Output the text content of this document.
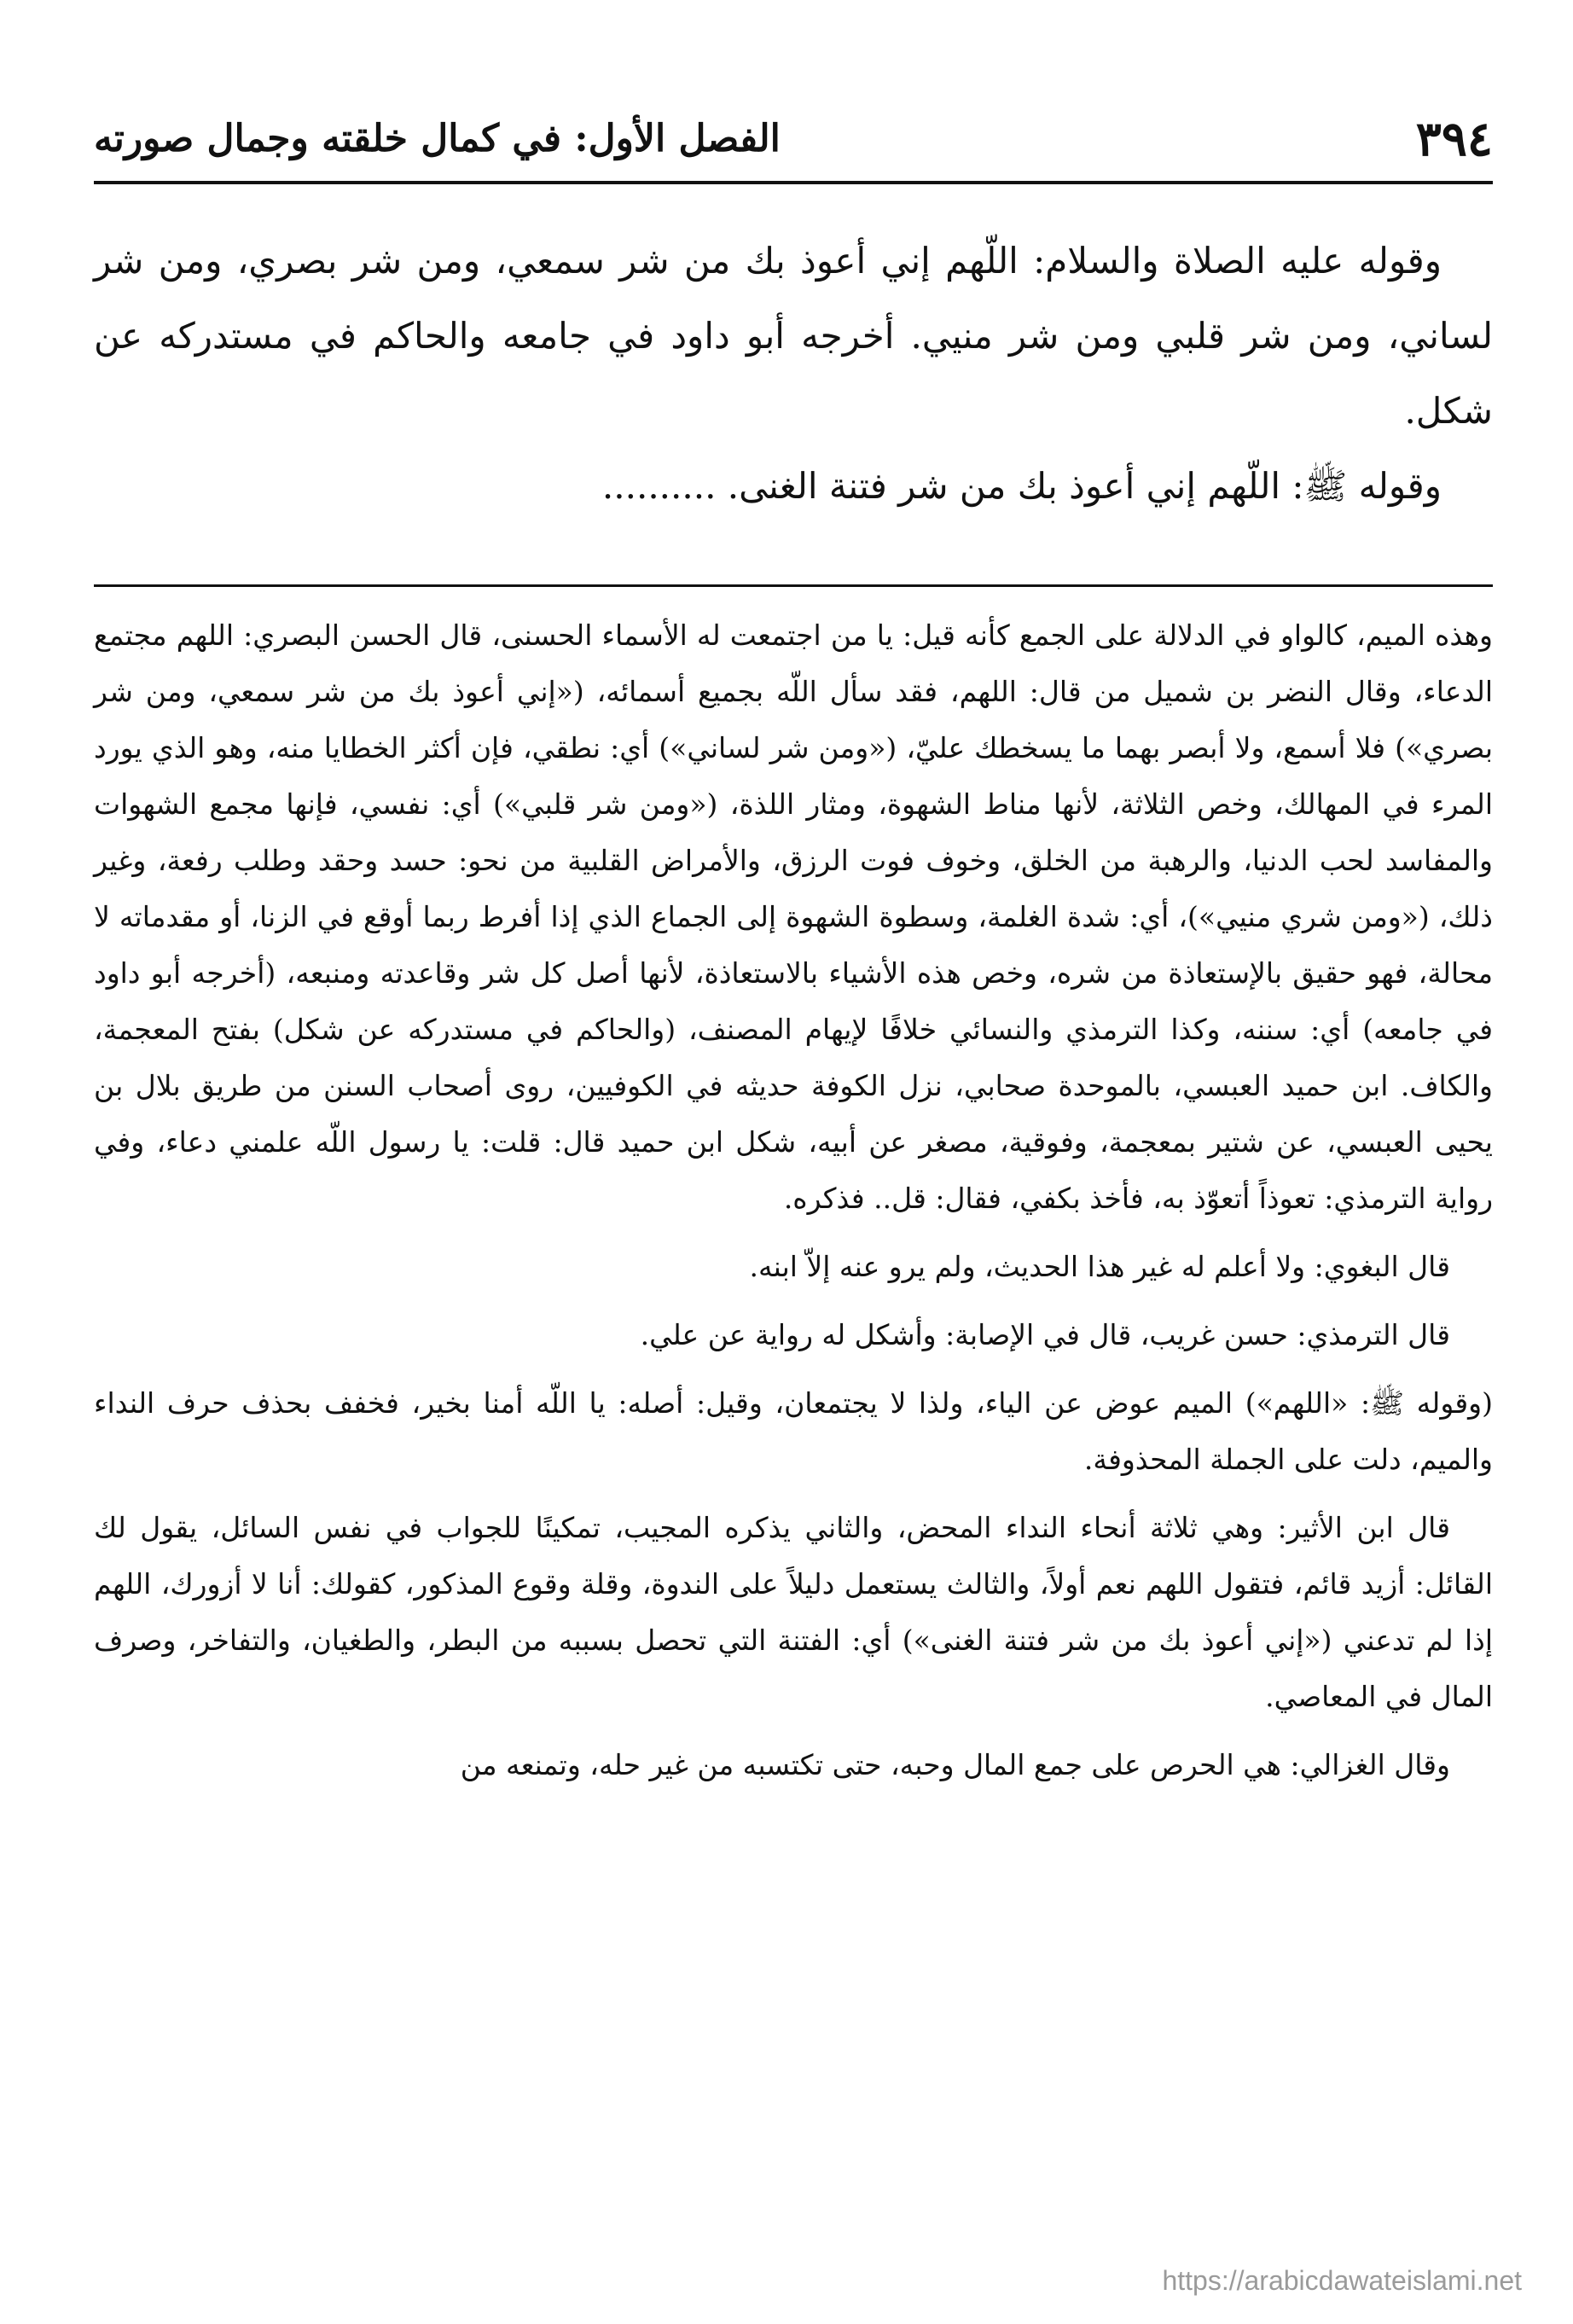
٣٩٤
الفصل الأول: في كمال خلقته وجمال صورته

وقوله عليه الصلاة والسلام: اللّهم إني أعوذ بك من شر سمعي، ومن شر بصري، ومن شر لساني، ومن شر قلبي ومن شر منيي. أخرجه أبو داود في جامعه والحاكم في مستدركه عن شكل.

وقوله ﷺ: اللّهم إني أعوذ بك من شر فتنة الغنى. ..........

وهذه الميم، كالواو في الدلالة على الجمع كأنه قيل: يا من اجتمعت له الأسماء الحسنى، قال الحسن البصري: اللهم مجتمع الدعاء، وقال النضر بن شميل من قال: اللهم، فقد سأل اللّه بجميع أسمائه، («إني أعوذ بك من شر سمعي، ومن شر بصري») فلا أسمع، ولا أبصر بهما ما يسخطك عليّ، («ومن شر لساني») أي: نطقي، فإن أكثر الخطايا منه، وهو الذي يورد المرء في المهالك، وخص الثلاثة، لأنها مناط الشهوة، ومثار اللذة، («ومن شر قلبي») أي: نفسي، فإنها مجمع الشهوات والمفاسد لحب الدنيا، والرهبة من الخلق، وخوف فوت الرزق، والأمراض القلبية من نحو: حسد وحقد وطلب رفعة، وغير ذلك، («ومن شري منيي»)، أي: شدة الغلمة، وسطوة الشهوة إلى الجماع الذي إذا أفرط ربما أوقع في الزنا، أو مقدماته لا محالة، فهو حقيق بالإستعاذة من شره، وخص هذه الأشياء بالاستعاذة، لأنها أصل كل شر وقاعدته ومنبعه، (أخرجه أبو داود في جامعه) أي: سننه، وكذا الترمذي والنسائي خلافًا لإيهام المصنف، (والحاكم في مستدركه عن شكل) بفتح المعجمة، والكاف. ابن حميد العبسي، بالموحدة صحابي، نزل الكوفة حديثه في الكوفيين، روى أصحاب السنن من طريق بلال بن يحيى العبسي، عن شتير بمعجمة، وفوقية، مصغر عن أبيه، شكل ابن حميد قال: قلت: يا رسول اللّه علمني دعاء، وفي رواية الترمذي: تعوذاً أتعوّذ به، فأخذ بكفي، فقال: قل.. فذكره.

قال البغوي: ولا أعلم له غير هذا الحديث، ولم يرو عنه إلاّ ابنه.

قال الترمذي: حسن غريب، قال في الإصابة: وأشكل له رواية عن علي.

(وقوله ﷺ: «اللهم») الميم عوض عن الياء، ولذا لا يجتمعان، وقيل: أصله: يا اللّه أمنا بخير، فخفف بحذف حرف النداء والميم، دلت على الجملة المحذوفة.

قال ابن الأثير: وهي ثلاثة أنحاء النداء المحض، والثاني يذكره المجيب، تمكينًا للجواب في نفس السائل، يقول لك القائل: أزيد قائم، فتقول اللهم نعم أولاً، والثالث يستعمل دليلاً على الندوة، وقلة وقوع المذكور، كقولك: أنا لا أزورك، اللهم إذا لم تدعني («إني أعوذ بك من شر فتنة الغنى») أي: الفتنة التي تحصل بسببه من البطر، والطغيان، والتفاخر، وصرف المال في المعاصي.

وقال الغزالي: هي الحرص على جمع المال وحبه، حتى تكتسبه من غير حله، وتمنعه من

https://arabicdawateislami.net
